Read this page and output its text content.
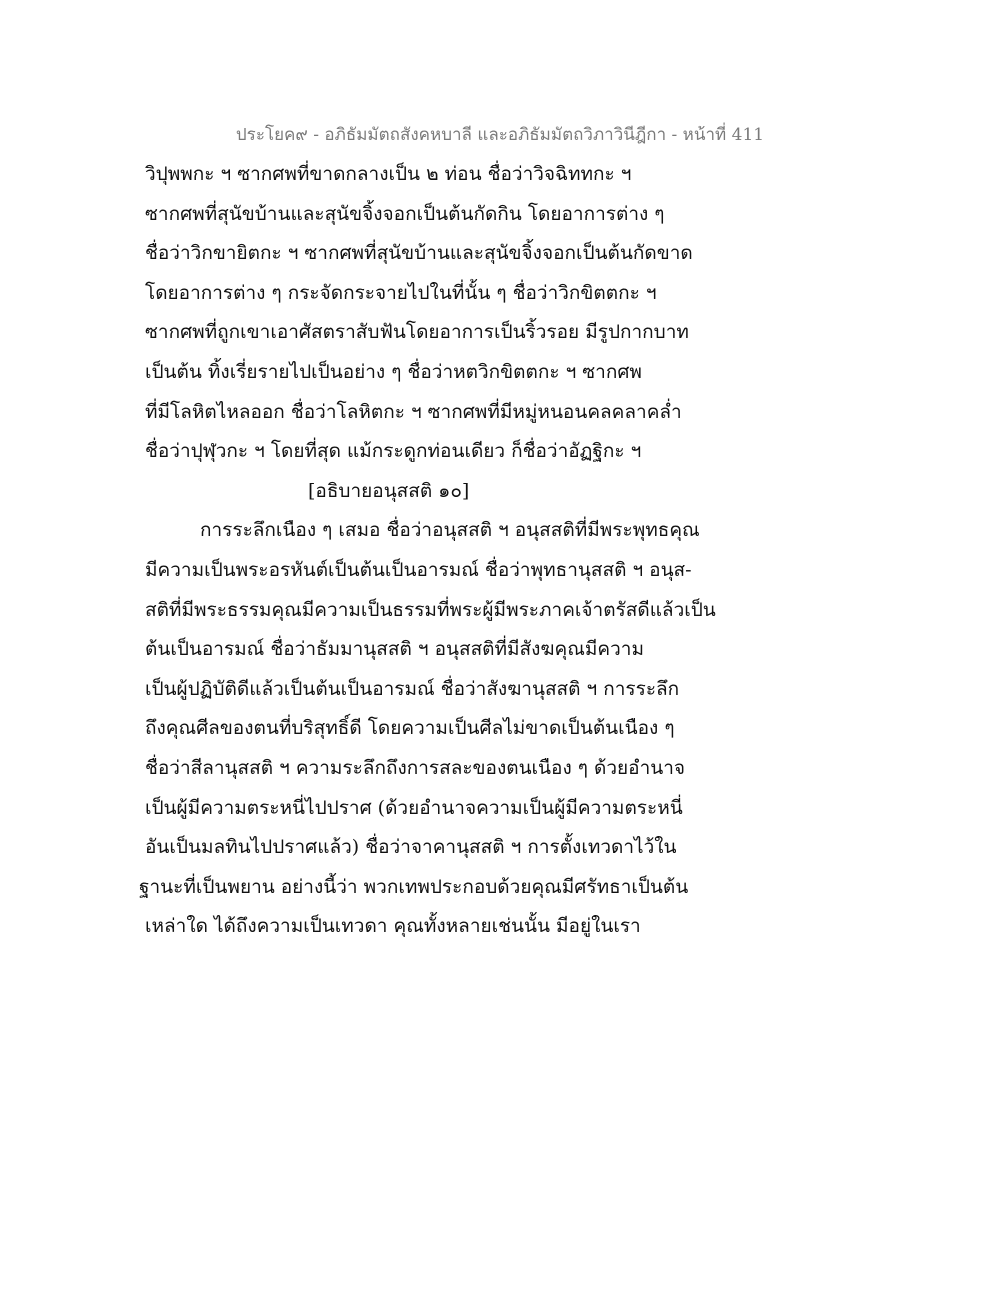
ประโยค๙ - อภิธัมมัตถสังคหบาลี และอภิธัมมัตถวิภาวินีฎีกา - หน้าที่ 411
วิปุพพกะ ฯ ซากศพที่ขาดกลางเป็น ๒ ท่อน ชื่อว่าวิจฉิททกะ ฯ
ซากศพที่สุนัขบ้านและสุนัขจิ้งจอกเป็นต้นกัดกิน โดยอาการต่าง ๆ
ชื่อว่าวิกขายิตกะ ฯ ซากศพที่สุนัขบ้านและสุนัขจิ้งจอกเป็นต้นกัดขาด
โดยอาการต่าง ๆ กระจัดกระจายไปในที่นั้น ๆ ชื่อว่าวิกขิตตกะ ฯ
ซากศพที่ถูกเขาเอาศัสตราสับฟันโดยอาการเป็นริ้วรอย มีรูปกากบาท
เป็นต้น ทิ้งเรี่ยรายไปเป็นอย่าง ๆ ชื่อว่าหตวิกขิตตกะ ฯ ซากศพ
ที่มีโลหิตไหลออก ชื่อว่าโลหิตกะ ฯ ซากศพที่มีหมู่หนอนคลคลาคล่ำ
ชื่อว่าปุฬุวกะ ฯ โดยที่สุด แม้กระดูกท่อนเดียว ก็ชื่อว่าอัฏฐิกะ ฯ
[อธิบายอนุสสติ ๑๐]
การระลึกเนือง ๆ เสมอ ชื่อว่าอนุสสติ ฯ อนุสสติที่มีพระพุทธคุณ
มีความเป็นพระอรหันต์เป็นต้นเป็นอารมณ์ ชื่อว่าพุทธานุสสติ ฯ อนุส-
สติที่มีพระธรรมคุณมีความเป็นธรรมที่พระผู้มีพระภาคเจ้าตรัสดีแล้วเป็น
ต้นเป็นอารมณ์ ชื่อว่าธัมมานุสสติ ฯ อนุสสติที่มีสังฆคุณมีความ
เป็นผู้ปฏิบัติดีแล้วเป็นต้นเป็นอารมณ์ ชื่อว่าสังฆานุสสติ ฯ การระลึก
ถึงคุณศีลของตนที่บริสุทธิ์ดี โดยความเป็นศีลไม่ขาดเป็นต้นเนือง ๆ
ชื่อว่าสีลานุสสติ ฯ ความระลึกถึงการสละของตนเนือง ๆ ด้วยอำนาจ
เป็นผู้มีความตระหนี่ไปปราศ (ด้วยอำนาจความเป็นผู้มีความตระหนี่
อันเป็นมลทินไปปราศแล้ว) ชื่อว่าจาคานุสสติ ฯ การตั้งเทวดาไว้ใน
ฐานะที่เป็นพยาน อย่างนี้ว่า พวกเทพประกอบด้วยคุณมีศรัทธาเป็นต้น
เหล่าใด ได้ถึงความเป็นเทวดา คุณทั้งหลายเช่นนั้น มีอยู่ในเรา
